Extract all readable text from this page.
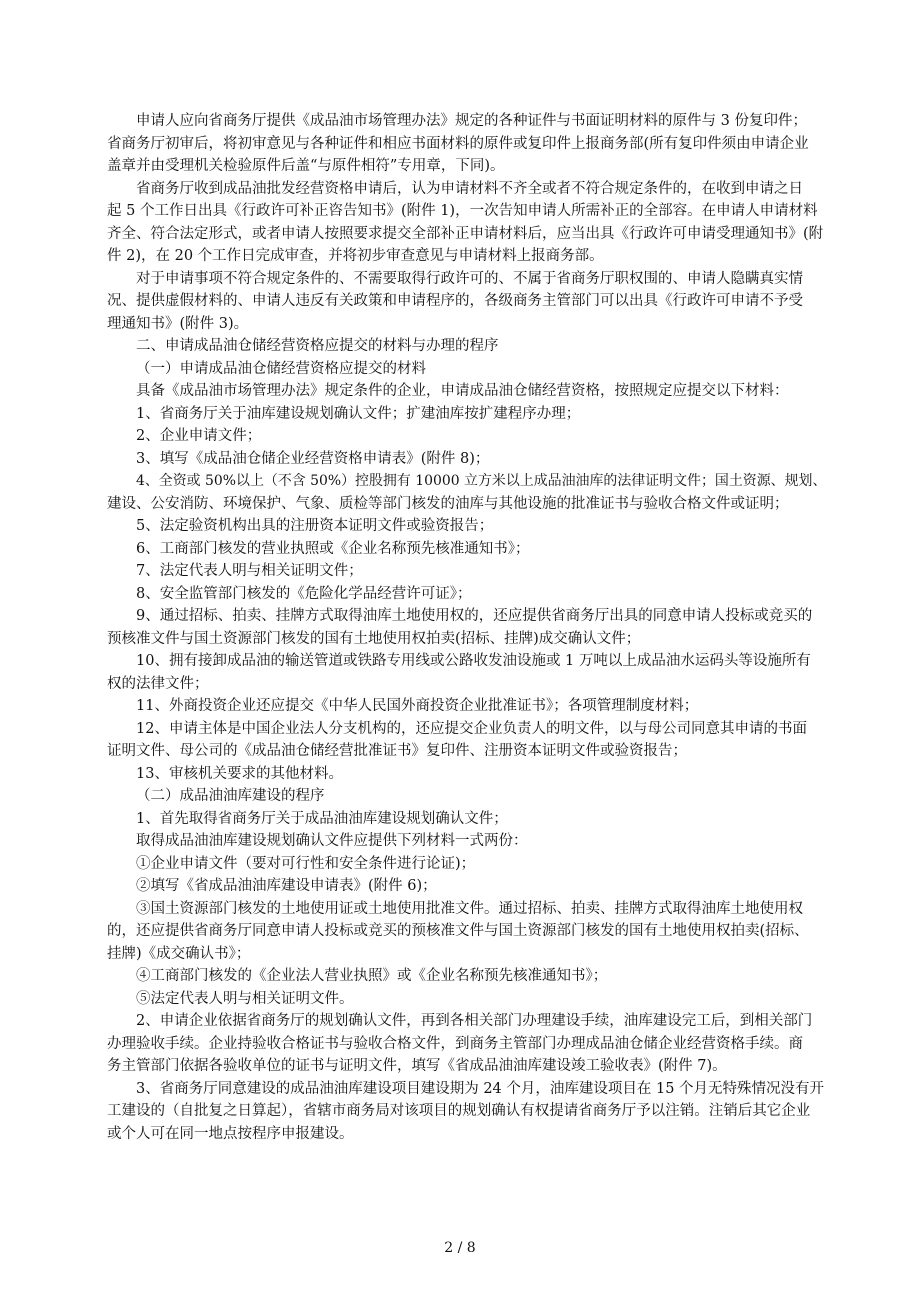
申请人应向省商务厅提供《成品油市场管理办法》规定的各种证件与书面证明材料的原件与 3 份复印件；
省商务厅初审后，将初审意见与各种证件和相应书面材料的原件或复印件上报商务部(所有复印件须由申请企业
盖章并由受理机关检验原件后盖“与原件相符”专用章，下同)。
省商务厅收到成品油批发经营资格申请后，认为申请材料不齐全或者不符合规定条件的，在收到申请之日
起 5 个工作日出具《行政许可补正咨告知书》(附件 1)，一次告知申请人所需补正的全部容。在申请人申请材料
齐全、符合法定形式，或者申请人按照要求提交全部补正申请材料后，应当出具《行政许可申请受理通知书》(附
件 2)，在 20 个工作日完成审查，并将初步审查意见与申请材料上报商务部。
对于申请事项不符合规定条件的、不需要取得行政许可的、不属于省商务厅职权围的、申请人隐瞒真实情
况、提供虚假材料的、申请人违反有关政策和申请程序的，各级商务主管部门可以出具《行政许可申请不予受
理通知书》(附件 3)。
二、申请成品油仓储经营资格应提交的材料与办理的程序
（一）申请成品油仓储经营资格应提交的材料
具备《成品油市场管理办法》规定条件的企业，申请成品油仓储经营资格，按照规定应提交以下材料：
1、省商务厅关于油库建设规划确认文件；扩建油库按扩建程序办理；
2、企业申请文件；
3、填写《成品油仓储企业经营资格申请表》(附件 8)；
4、全资或 50%以上（不含 50%）控股拥有 10000 立方米以上成品油油库的法律证明文件；国土资源、规划、
建设、公安消防、环境保护、气象、质检等部门核发的油库与其他设施的批准证书与验收合格文件或证明；
5、法定验资机构出具的注册资本证明文件或验资报告；
6、工商部门核发的营业执照或《企业名称预先核准通知书》；
7、法定代表人明与相关证明文件；
8、安全监管部门核发的《危险化学品经营许可证》；
9、通过招标、拍卖、挂牌方式取得油库土地使用权的，还应提供省商务厅出具的同意申请人投标或竞买的
预核准文件与国土资源部门核发的国有土地使用权拍卖(招标、挂牌)成交确认文件；
10、拥有接卸成品油的输送管道或铁路专用线或公路收发油设施或 1 万吨以上成品油水运码头等设施所有
权的法律文件；
11、外商投资企业还应提交《中华人民国外商投资企业批准证书》；各项管理制度材料；
12、申请主体是中国企业法人分支机构的，还应提交企业负责人的明文件，以与母公司同意其申请的书面
证明文件、母公司的《成品油仓储经营批准证书》复印件、注册资本证明文件或验资报告；
13、审核机关要求的其他材料。
（二）成品油油库建设的程序
1、首先取得省商务厅关于成品油油库建设规划确认文件；
取得成品油油库建设规划确认文件应提供下列材料一式两份：
①企业申请文件（要对可行性和安全条件进行论证)；
②填写《省成品油油库建设申请表》(附件 6)；
③国土资源部门核发的土地使用证或土地使用批准文件。通过招标、拍卖、挂牌方式取得油库土地使用权
的，还应提供省商务厅同意申请人投标或竞买的预核准文件与国土资源部门核发的国有土地使用权拍卖(招标、
挂牌)《成交确认书》；
④工商部门核发的《企业法人营业执照》或《企业名称预先核准通知书》；
⑤法定代表人明与相关证明文件。
2、申请企业依据省商务厅的规划确认文件，再到各相关部门办理建设手续，油库建设完工后，到相关部门
办理验收手续。企业持验收合格证书与验收合格文件，到商务主管部门办理成品油仓储企业经营资格手续。商
务主管部门依据各验收单位的证书与证明文件，填写《省成品油油库建设竣工验收表》(附件 7)。
3、省商务厅同意建设的成品油油库建设项目建设期为 24 个月，油库建设项目在 15 个月无特殊情况没有开
工建设的（自批复之日算起），省辖市商务局对该项目的规划确认有权提请省商务厅予以注销。注销后其它企业
或个人可在同一地点按程序申报建设。
2 / 8
